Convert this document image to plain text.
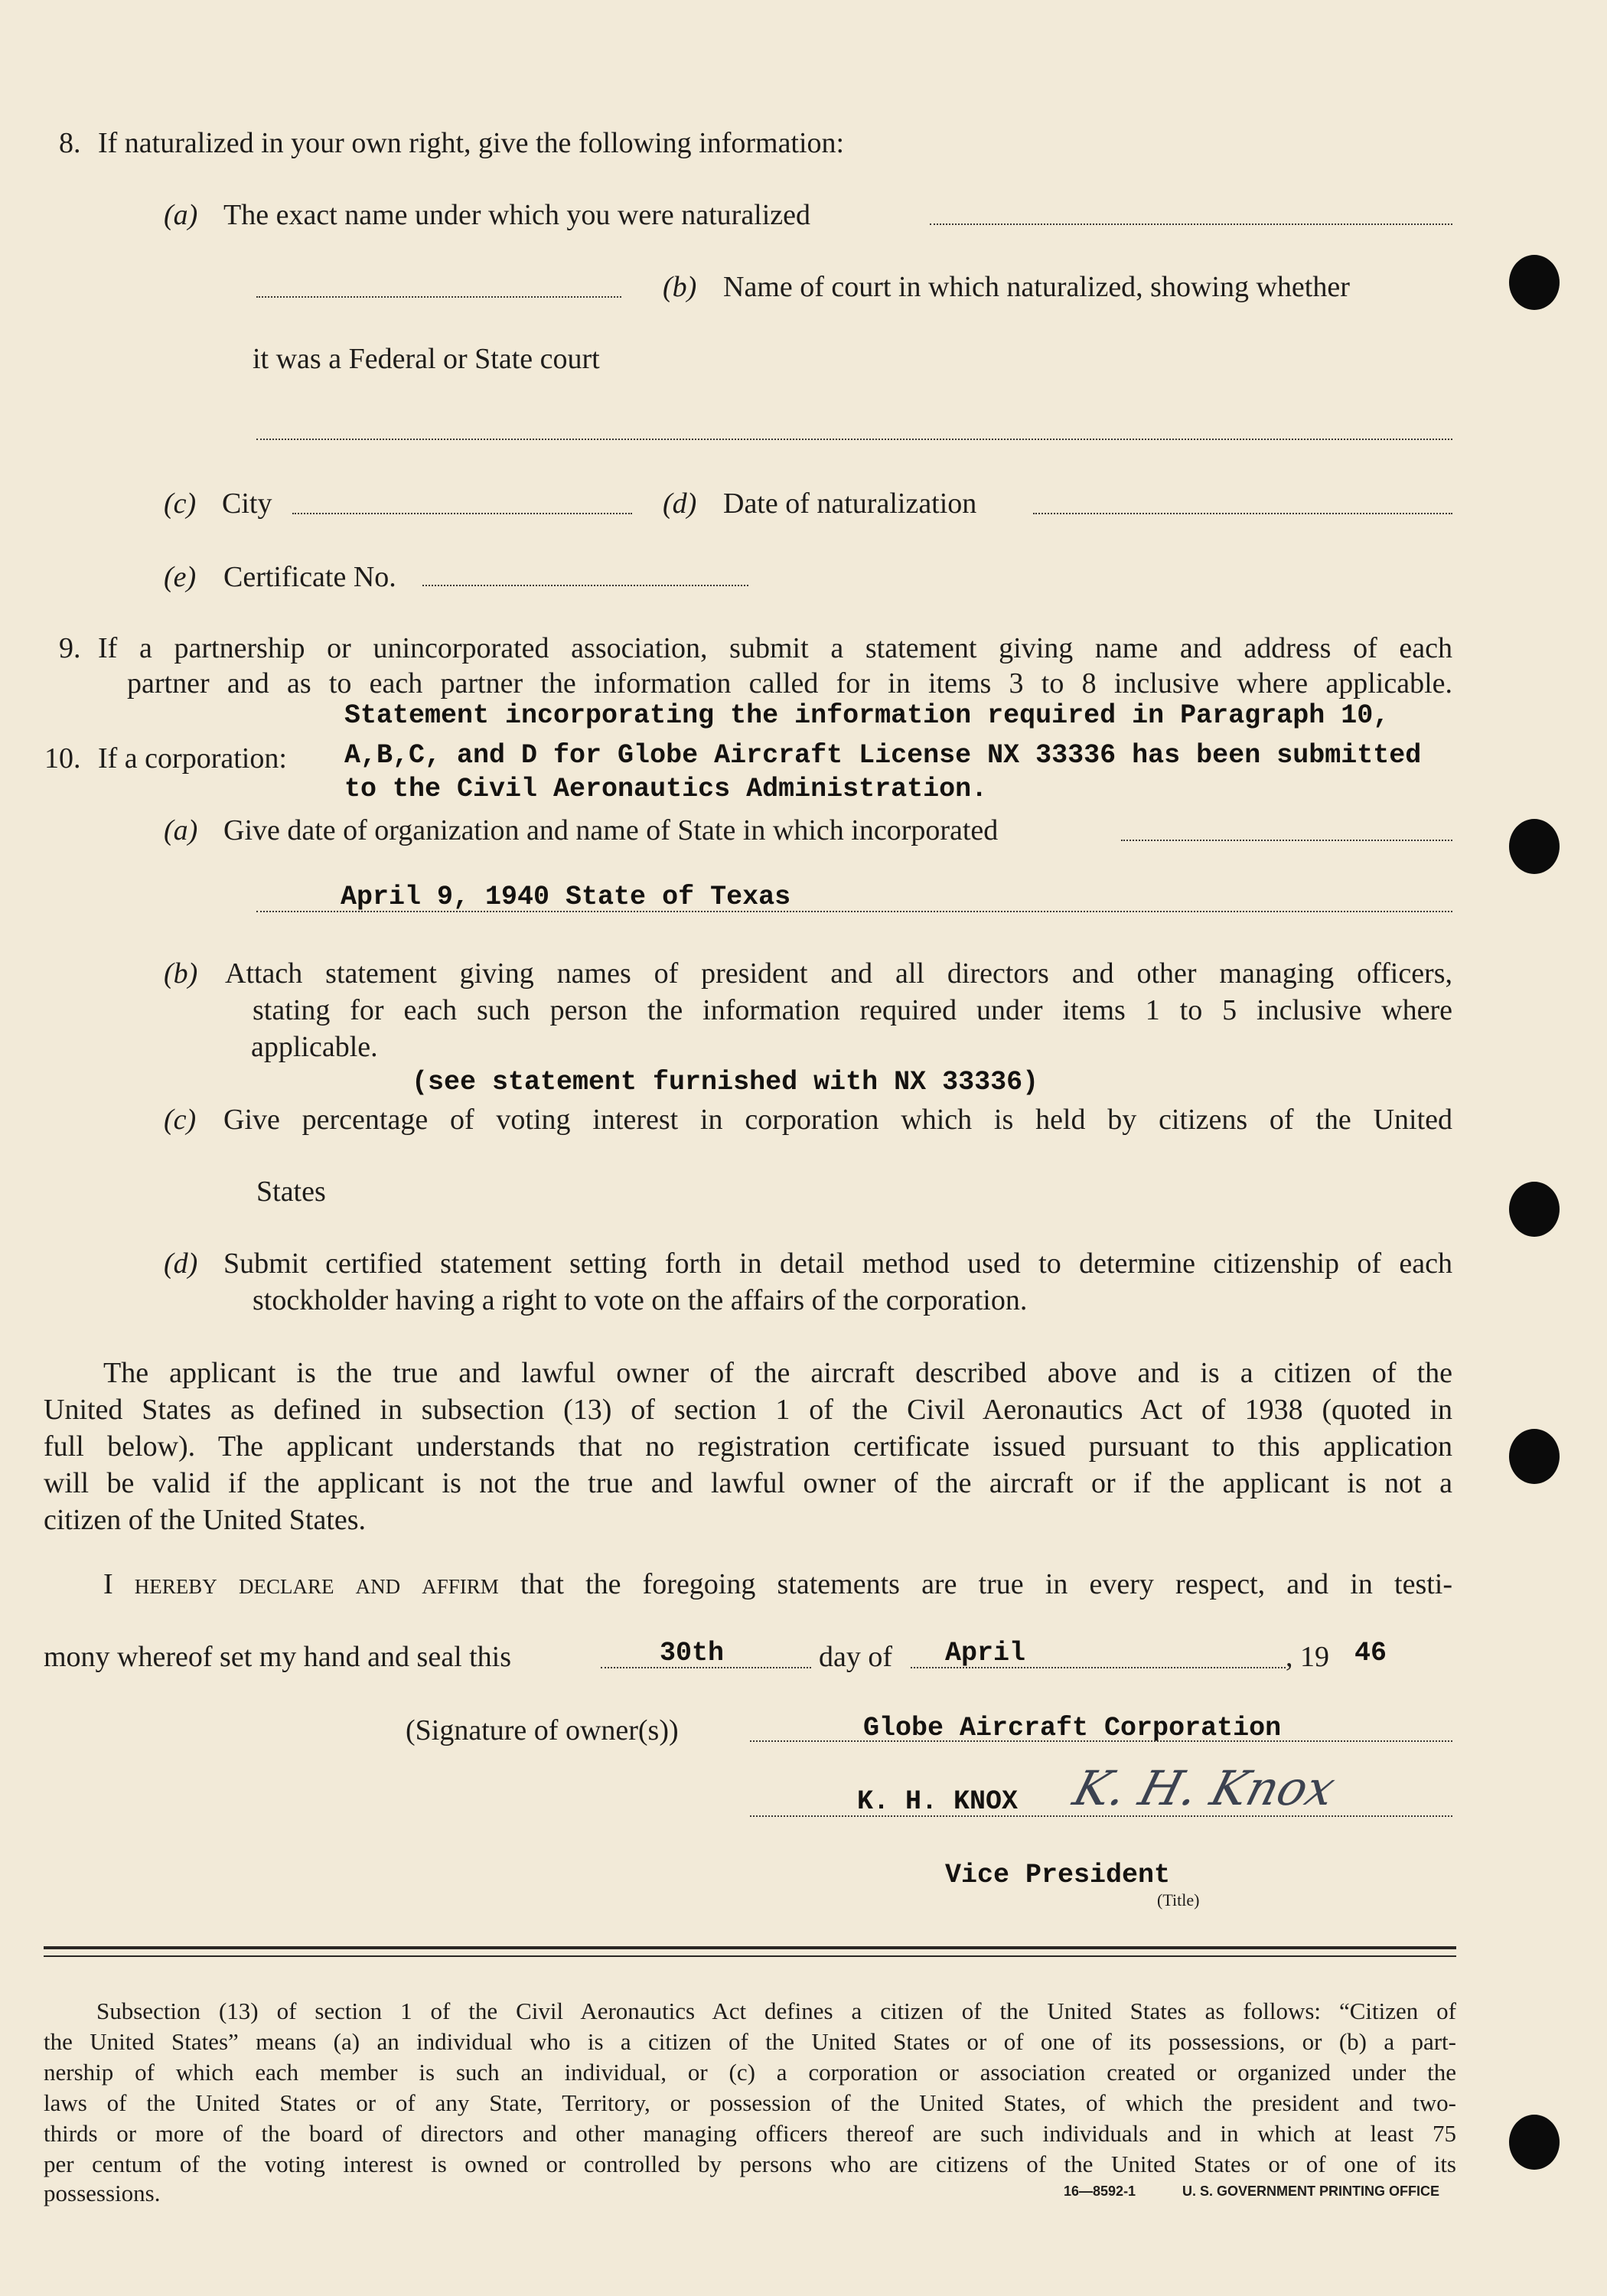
8. If naturalized in your own right, give the following information:
(a) The exact name under which you were naturalized
(b) Name of court in which naturalized, showing whether
it was a Federal or State court
(c) City	(d) Date of naturalization
(e) Certificate No.
9. If a partnership or unincorporated association, submit a statement giving name and address of each
partner and as to each partner the information called for in items 3 to 8 inclusive where applicable.
Statement incorporating the information required in Paragraph 10,
10. If a corporation: A,B,C, and D for Globe Aircraft License NX 33336 has been submitted
to the Civil Aeronautics Administration.
(a) Give date of organization and name of State in which incorporated
April 9, 1940 State of Texas
(b) Attach statement giving names of president and all directors and other managing officers,
stating for each such person the information required under items 1 to 5 inclusive where
applicable.
(see statement furnished with NX 33336)
(c) Give percentage of voting interest in corporation which is held by citizens of the United
States
(d) Submit certified statement setting forth in detail method used to determine citizenship of each
stockholder having a right to vote on the affairs of the corporation.
The applicant is the true and lawful owner of the aircraft described above and is a citizen of the
United States as defined in subsection (13) of section 1 of the Civil Aeronautics Act of 1938 (quoted in
full below). The applicant understands that no registration certificate issued pursuant to this application
will be valid if the applicant is not the true and lawful owner of the aircraft or if the applicant is not a
citizen of the United States.
I hereby declare and affirm that the foregoing statements are true in every respect, and in testi-
mony whereof set my hand and seal this	30th	day of April	, 19 46
(Signature of owner(s))	Globe Aircraft Corporation
K. H. KNOX K. H. Knox
Vice President
(Title)
Subsection (13) of section 1 of the Civil Aeronautics Act defines a citizen of the United States as follows: “Citizen of
the United States” means (a) an individual who is a citizen of the United States or of one of its possessions, or (b) a part-
nership of which each member is such an individual, or (c) a corporation or association created or organized under the
laws of the United States or of any State, Territory, or possession of the United States, of which the president and two-
thirds or more of the board of directors and other managing officers thereof are such individuals and in which at least 75
per centum of the voting interest is owned or controlled by persons who are citizens of the United States or of one of its
possessions.	16—8592-1	U. S. GOVERNMENT PRINTING OFFICE
